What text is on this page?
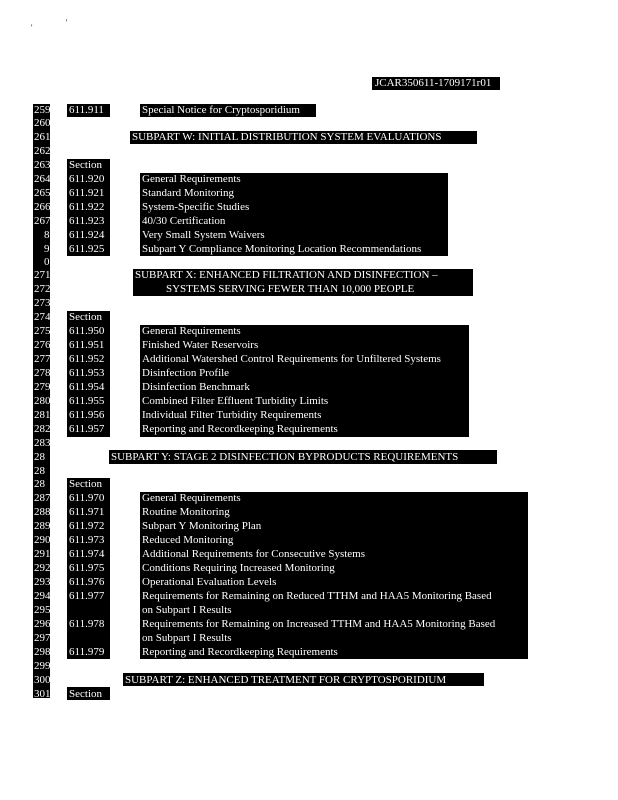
'
'
JCAR350611-1709171r01
259 611.911	Special Notice for Cryptosporidium
260
261	SUBPART W: INITIAL DISTRIBUTION SYSTEM EVALUATIONS
262
263 Section
264 611.920	General Requirements
265 611.921	Standard Monitoring
266 611.922	System-Specific Studies
267 611.923	40/30 Certification
8 611.924	Very Small System Waivers
9 611.925	Subpart Y Compliance Monitoring Location Recommendations
0
271	SUBPART X: ENHANCED FILTRATION AND DISINFECTION –
272	SYSTEMS SERVING FEWER THAN 10,000 PEOPLE
273
274 Section
275 611.950	General Requirements
276 611.951	Finished Water Reservoirs
277 611.952	Additional Watershed Control Requirements for Unfiltered Systems
278 611.953	Disinfection Profile
279 611.954	Disinfection Benchmark
280 611.955	Combined Filter Effluent Turbidity Limits
281 611.956	Individual Filter Turbidity Requirements
282 611.957	Reporting and Recordkeeping Requirements
283
28	SUBPART Y: STAGE 2 DISINFECTION BYPRODUCTS REQUIREMENTS
28
28 Section
287 611.970	General Requirements
288 611.971	Routine Monitoring
289 611.972	Subpart Y Monitoring Plan
290 611.973	Reduced Monitoring
291 611.974	Additional Requirements for Consecutive Systems
292 611.975	Conditions Requiring Increased Monitoring
293 611.976	Operational Evaluation Levels
294 611.977	Requirements for Remaining on Reduced TTHM and HAA5 Monitoring Based
295	on Subpart I Results
296 611.978	Requirements for Remaining on Increased TTHM and HAA5 Monitoring Based
297	on Subpart I Results
298 611.979	Reporting and Recordkeeping Requirements
299
300	SUBPART Z: ENHANCED TREATMENT FOR CRYPTOSPORIDIUM
301 Section
